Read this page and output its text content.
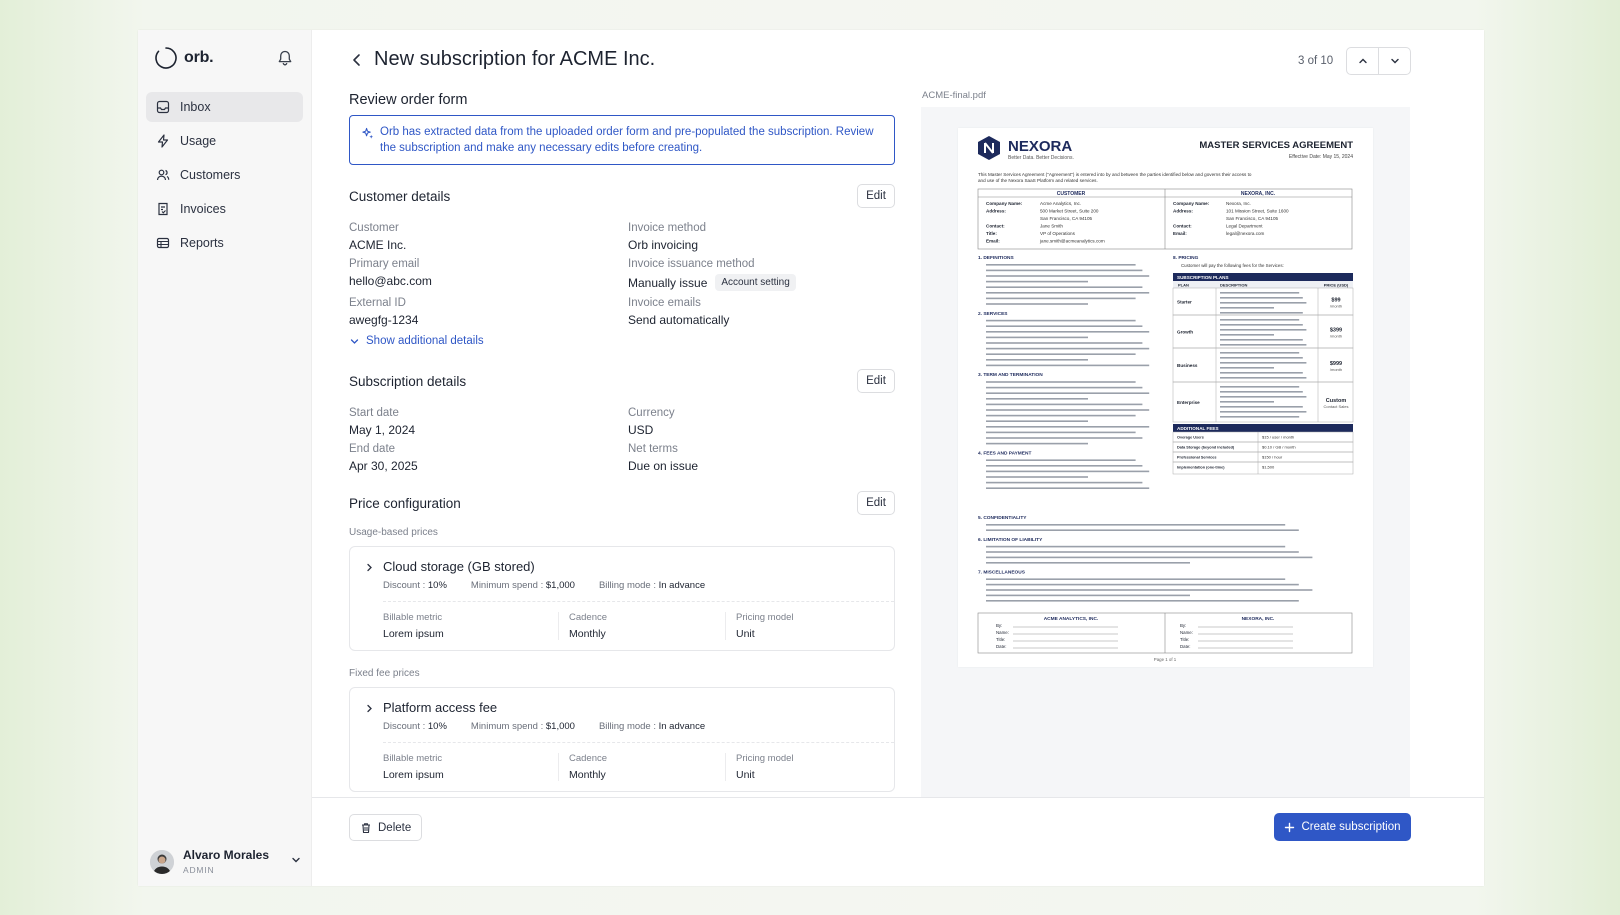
orb.
Inbox
Usage
Customers
Invoices
Reports
Alvaro Morales
ADMIN
New subscription for ACME Inc.	3 of 10
Review order form
Orb has extracted data from the uploaded order form and pre-populated the subscription. Review the subscription and make any necessary edits before creating.
Customer details	Edit
Customer
ACME Inc.
Invoice method
Orb invoicing
Primary email
hello@abc.com
Invoice issuance method
Manually issue	Account setting
External ID
awegfg-1234
Invoice emails
Send automatically
Show additional details
Subscription details	Edit
Start date
May 1, 2024
Currency
USD
End date
Apr 30, 2025
Net terms
Due on issue
Price configuration	Edit
Usage-based prices
Cloud storage (GB stored)
Discount : 10%	Minimum spend : $1,000	Billing mode : In advance
Billable metric
Lorem ipsum
Cadence
Monthly
Pricing model
Unit
Fixed fee prices
Platform access fee
Discount : 10%	Minimum spend : $1,000	Billing mode : In advance
Billable metric
Lorem ipsum
Cadence
Monthly
Pricing model
Unit
ACME-final.pdf
NEXORA
Better Data. Better Decisions.
MASTER SERVICES AGREEMENT
Effective Date: May 15, 2024
This Master Services Agreement ("Agreement") is entered into by and between the parties identified below and governs their access to
and use of the Nexora SaaS Platform and related services.
CUSTOMER	NEXORA, INC.
Company Name:	Acme Analytics, Inc.
Address:	500 Market Street, Suite 200
San Francisco, CA 94105
Contact:	Jane Smith
Title:	VP of Operations
Email:	jane.smith@acmeanalytics.com
Company Name:	Nexora, Inc.
Address:	101 Mission Street, Suite 1600
San Francisco, CA 94105
Contact:	Legal Department
Email:	legal@nexora.com
1. DEFINITIONS
2. SERVICES
3. TERM AND TERMINATION
4. FEES AND PAYMENT
8. PRICING
Customer will pay the following fees for the Services:
SUBSCRIPTION PLANS
PLAN	DESCRIPTION	PRICE (USD)
Starter	$99
/month
Growth	$399
/month
Business	$999
/month
Enterprise	Custom
Contact Sales
ADDITIONAL FEES
Overage Users	$15 / user / month
Data Storage (beyond included)	$0.10 / GB / month
Professional Services	$150 / hour
Implementation (one-time)	$1,500
5. CONFIDENTIALITY
6. LIMITATION OF LIABILITY
7. MISCELLANEOUS
ACME ANALYTICS, INC.	NEXORA, INC.
By:	By:
Name:	Name:
Title:	Title:
Date:	Date:
Page 1 of 1
Delete	Create subscription
